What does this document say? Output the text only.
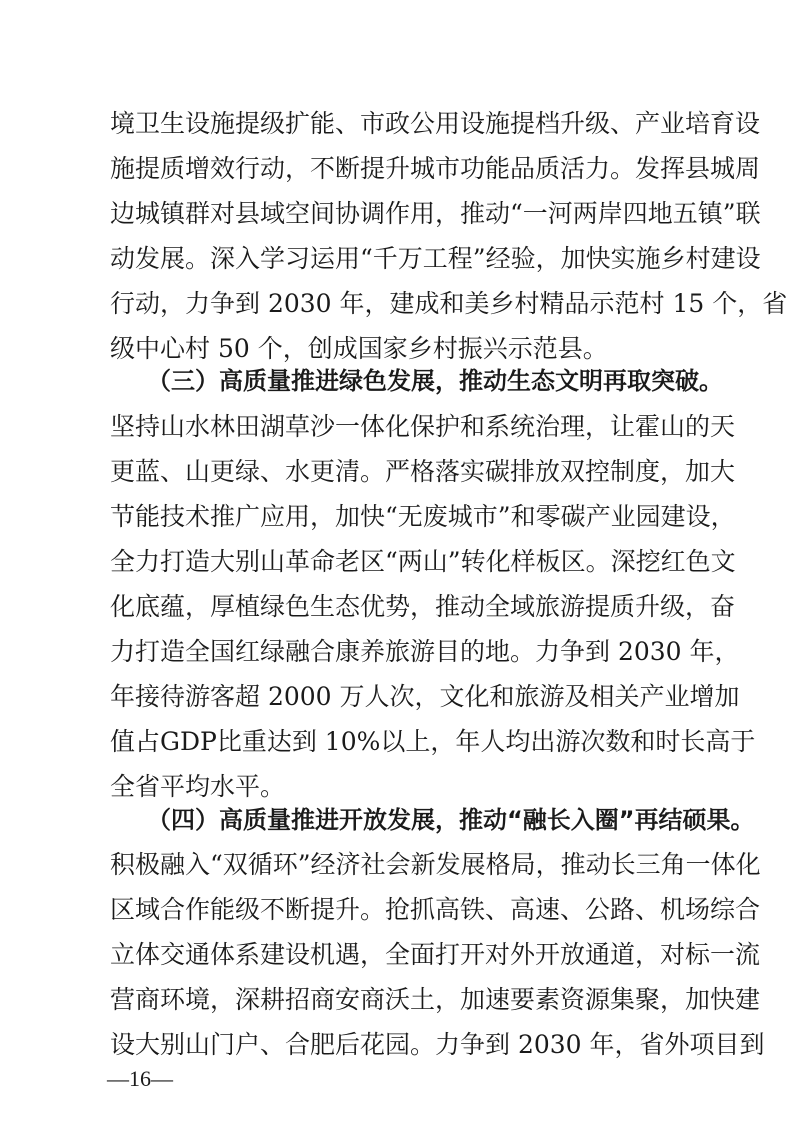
境卫生设施提级扩能、市政公用设施提档升级、产业培育设
施提质增效行动，不断提升城市功能品质活力。发挥县城周
边城镇群对县域空间协调作用，推动“一河两岸四地五镇”联
动发展。深入学习运用“千万工程”经验，加快实施乡村建设
行动，力争到 2030 年，建成和美乡村精品示范村 15 个，省
级中心村 50 个，创成国家乡村振兴示范县。
（三）高质量推进绿色发展，推动生态文明再取突破。
坚持山水林田湖草沙一体化保护和系统治理，让霍山的天
更蓝、山更绿、水更清。严格落实碳排放双控制度，加大
节能技术推广应用，加快“无废城市”和零碳产业园建设，
全力打造大别山革命老区“两山”转化样板区。深挖红色文
化底蕴，厚植绿色生态优势，推动全域旅游提质升级，奋
力打造全国红绿融合康养旅游目的地。力争到 2030 年，
年接待游客超 2000 万人次，文化和旅游及相关产业增加
值占GDP比重达到 10%以上，年人均出游次数和时长高于
全省平均水平。
（四）高质量推进开放发展，推动“融长入圈”再结硕果。
积极融入“双循环”经济社会新发展格局，推动长三角一体化
区域合作能级不断提升。抢抓高铁、高速、公路、机场综合
立体交通体系建设机遇，全面打开对外开放通道，对标一流
营商环境，深耕招商安商沃土，加速要素资源集聚，加快建
设大别山门户、合肥后花园。力争到 2030 年，省外项目到
—16—
